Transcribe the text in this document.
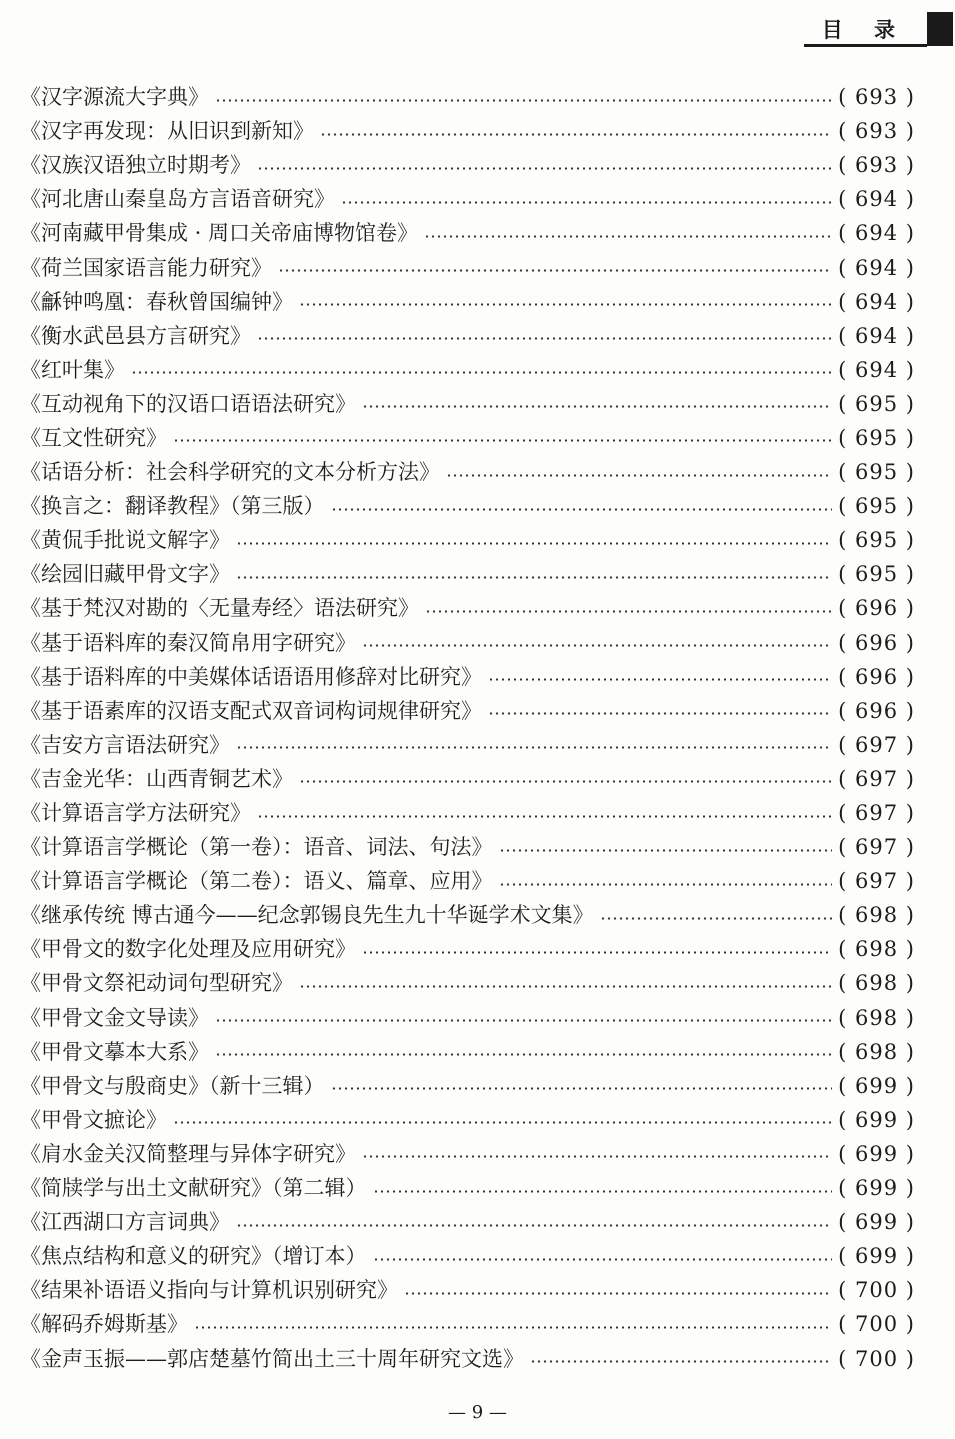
目 录
《汉字源流大字典》	( 693 )
《汉字再发现：从旧识到新知》	( 693 )
《汉族汉语独立时期考》	( 693 )
《河北唐山秦皇岛方言语音研究》	( 694 )
《河南藏甲骨集成 · 周口关帝庙博物馆卷》	( 694 )
《荷兰国家语言能力研究》	( 694 )
《龢钟鸣凰：春秋曾国编钟》	( 694 )
《衡水武邑县方言研究》	( 694 )
《红叶集》	( 694 )
《互动视角下的汉语口语语法研究》	( 695 )
《互文性研究》	( 695 )
《话语分析：社会科学研究的文本分析方法》	( 695 )
《换言之：翻译教程》（第三版）	( 695 )
《黄侃手批说文解字》	( 695 )
《绘园旧藏甲骨文字》	( 695 )
《基于梵汉对勘的〈无量寿经〉语法研究》	( 696 )
《基于语料库的秦汉简帛用字研究》	( 696 )
《基于语料库的中美媒体话语语用修辞对比研究》	( 696 )
《基于语素库的汉语支配式双音词构词规律研究》	( 696 )
《吉安方言语法研究》	( 697 )
《吉金光华：山西青铜艺术》	( 697 )
《计算语言学方法研究》	( 697 )
《计算语言学概论（第一卷）：语音、词法、句法》	( 697 )
《计算语言学概论（第二卷）：语义、篇章、应用》	( 697 )
《继承传统 博古通今——纪念郭锡良先生九十华诞学术文集》	( 698 )
《甲骨文的数字化处理及应用研究》	( 698 )
《甲骨文祭祀动词句型研究》	( 698 )
《甲骨文金文导读》	( 698 )
《甲骨文摹本大系》	( 698 )
《甲骨文与殷商史》（新十三辑）	( 699 )
《甲骨文摭论》	( 699 )
《肩水金关汉简整理与异体字研究》	( 699 )
《简牍学与出土文献研究》（第二辑）	( 699 )
《江西湖口方言词典》	( 699 )
《焦点结构和意义的研究》（增订本）	( 699 )
《结果补语语义指向与计算机识别研究》	( 700 )
《解码乔姆斯基》	( 700 )
《金声玉振——郭店楚墓竹简出土三十周年研究文选》	( 700 )
— 9 —
